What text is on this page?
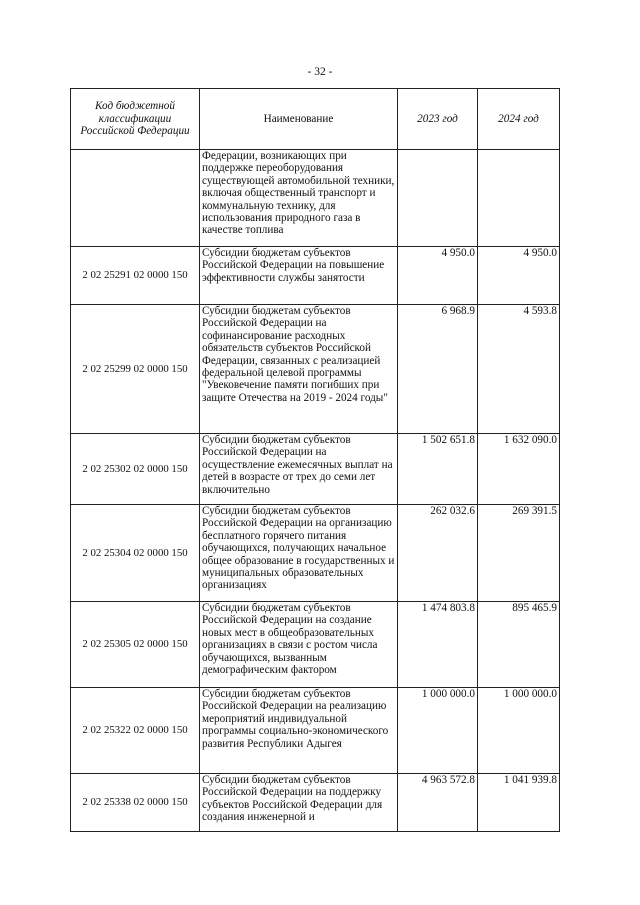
- 32 -
Код бюджетной классификации Российской Федерации	Наименование	2023 год	2024 год
	Федерации, возникающих при поддержке переоборудования существующей автомобильной техники, включая общественный транспорт и коммунальную технику, для использования природного газа в качестве топлива		
2 02 25291 02 0000 150	Субсидии бюджетам субъектов Российской Федерации на повышение эффективности службы занятости	4 950.0	4 950.0
2 02 25299 02 0000 150	Субсидии бюджетам субъектов Российской Федерации на софинансирование расходных обязательств субъектов Российской Федерации, связанных с реализацией федеральной целевой программы "Увековечение памяти погибших при защите Отечества на 2019 - 2024 годы"	6 968.9	4 593.8
2 02 25302 02 0000 150	Субсидии бюджетам субъектов Российской Федерации на осуществление ежемесячных выплат на детей в возрасте от трех до семи лет включительно	1 502 651.8	1 632 090.0
2 02 25304 02 0000 150	Субсидии бюджетам субъектов Российской Федерации на организацию бесплатного горячего питания обучающихся, получающих начальное общее образование в государственных и муниципальных образовательных организациях	262 032.6	269 391.5
2 02 25305 02 0000 150	Субсидии бюджетам субъектов Российской Федерации на создание новых мест в общеобразовательных организациях в связи с ростом числа обучающихся, вызванным демографическим фактором	1 474 803.8	895 465.9
2 02 25322 02 0000 150	Субсидии бюджетам субъектов Российской Федерации на реализацию мероприятий индивидуальной программы социально-экономического развития Республики Адыгея	1 000 000.0	1 000 000.0
2 02 25338 02 0000 150	Субсидии бюджетам субъектов Российской Федерации на поддержку субъектов Российской Федерации для создания инженерной и	4 963 572.8	1 041 939.8
